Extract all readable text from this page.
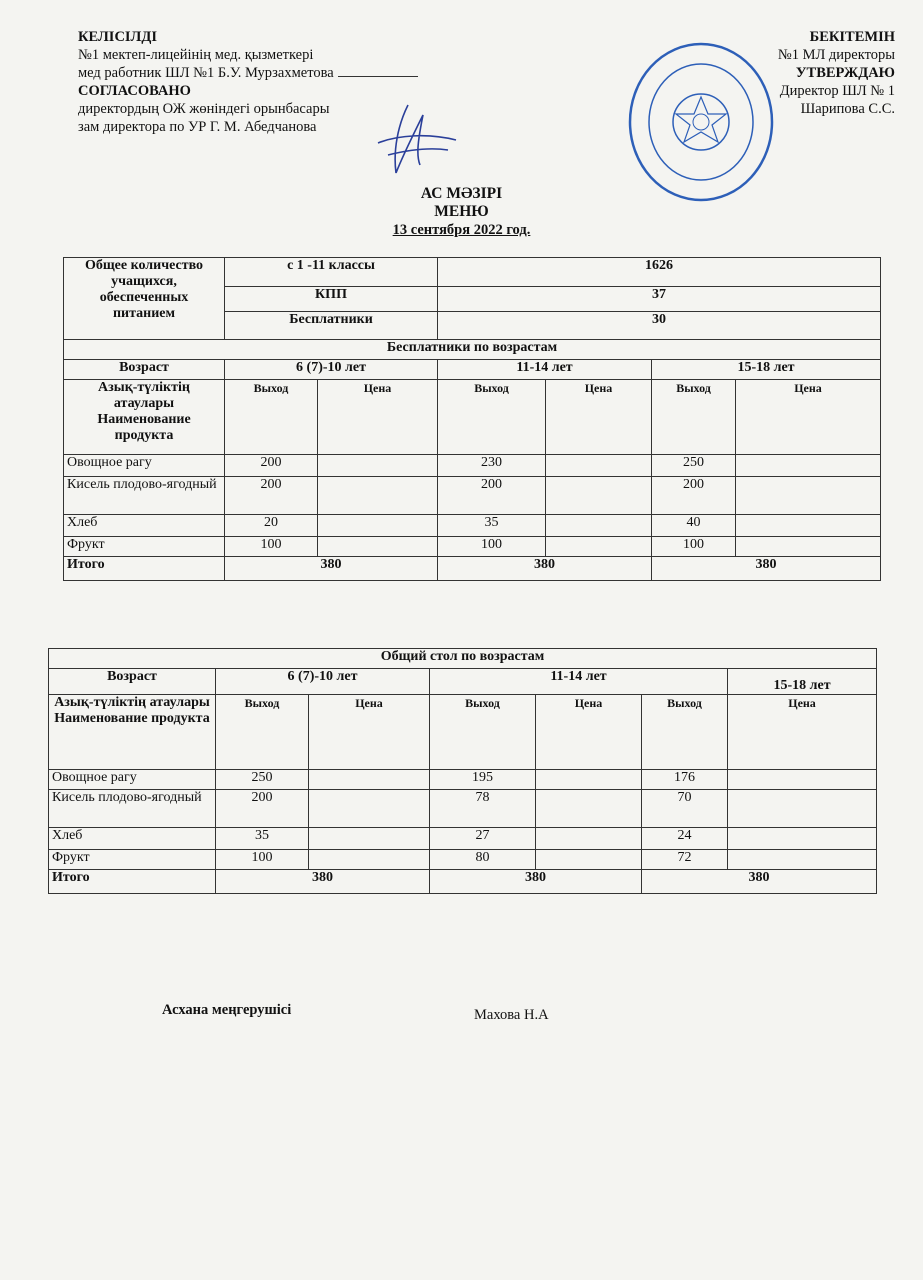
КЕЛІСІЛДІ
№1 мектеп-лицейінің мед. қызметкері
мед работник ШЛ №1 Б.У. Мурзахметова
СОГЛАСОВАНО
директордың ОЖ жөніндегі орынбасары
зам директора по УР Г. М. Абедчанова
БЕКІТЕМІН
№1 МЛ директоры
УТВЕРЖДАЮ
Директор ШЛ № 1
Шарипова С.С.
АС МӘЗІРІ
МЕНЮ
13 сентября 2022 год.
Общее количество учащихся, обеспеченных питанием	с 1 -11 классы		1626			
	КПП		37			
	Бесплатники		30			
Бесплатники по возрастам						
Возраст	6 (7)-10 лет		11-14 лет		15-18 лет	
Азық-түліктің атаулары Наименование продукта	Выход	Цена	Выход	Цена	Выход	Цена
Овощное рагу	200		230		250	
Кисель плодово-ягодный	200		200		200	
Хлеб	20		35		40	
Фрукт	100		100		100	
Итого	380		380		380	
Общий стол по возрастам						
Возраст	6 (7)-10 лет		11-14 лет			15-18 лет
Азық-түліктің атаулары Наименование продукта	Выход	Цена	Выход	Цена	Выход	Цена
Овощное рагу	250		195		176	
Кисель плодово-ягодный	200		78		70	
Хлеб	35		27		24	
Фрукт	100		80		72	
Итого	380		380		380	
Асхана меңгерушісі	Махова Н.А
